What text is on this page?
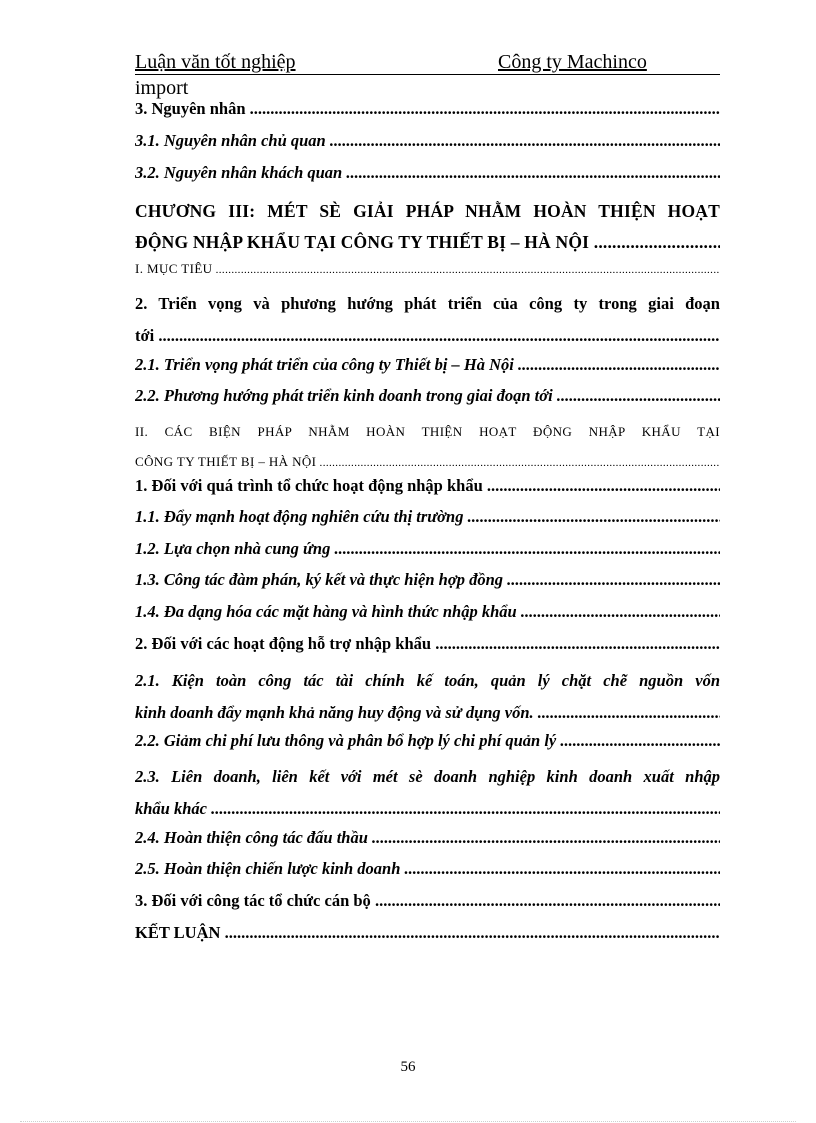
Luận văn tốt nghiệp	Công ty Machinco
import
3. Nguyên nhân .....
3.1. Nguyên nhân chủ quan .....
3.2. Nguyên nhân khách quan .....
CHƯƠNG III: MÉT SÈ GIẢI PHÁP NHẰM HOÀN THIỆN HOẠT
ĐỘNG NHẬP KHẨU TẠI CÔNG TY THIẾT BỊ – HÀ NỘI .....
I. MỤC TIÊU .....
2. Triển vọng và phương hướng phát triển của công ty trong giai đoạn
tới .....
2.1. Triển vọng phát triển của công ty Thiết bị – Hà Nội .....
2.2. Phương hướng phát triển kinh doanh trong giai đoạn tới .....
II. CÁC BIỆN PHÁP NHẰM HOÀN THIỆN HOẠT ĐỘNG NHẬP KHẨU TẠI
CÔNG TY THIẾT BỊ – HÀ NỘI .....
1. Đối với quá trình tổ chức hoạt động nhập khẩu .....
1.1. Đẩy mạnh hoạt động nghiên cứu thị trường .....
1.2. Lựa chọn nhà cung ứng .....
1.3. Công tác đàm phán, ký kết và thực hiện hợp đồng .....
1.4. Đa dạng hóa các mặt hàng và hình thức nhập khẩu .....
2. Đối với các hoạt động hỗ trợ nhập khẩu .....
2.1. Kiện toàn công tác tài chính kế toán, quản lý chặt chẽ nguồn vốn
kinh doanh đẩy mạnh khả năng huy động và sử dụng vốn. .....
2.2. Giảm chi phí lưu thông và phân bổ hợp lý chi phí quản lý .....
2.3. Liên doanh, liên kết với mét sè doanh nghiệp kinh doanh xuất nhập
khẩu khác .....
2.4. Hoàn thiện công tác đấu thầu .....
2.5. Hoàn thiện chiến lược kinh doanh .....
3. Đối với công tác tổ chức cán bộ .....
KẾT LUẬN .....
56
